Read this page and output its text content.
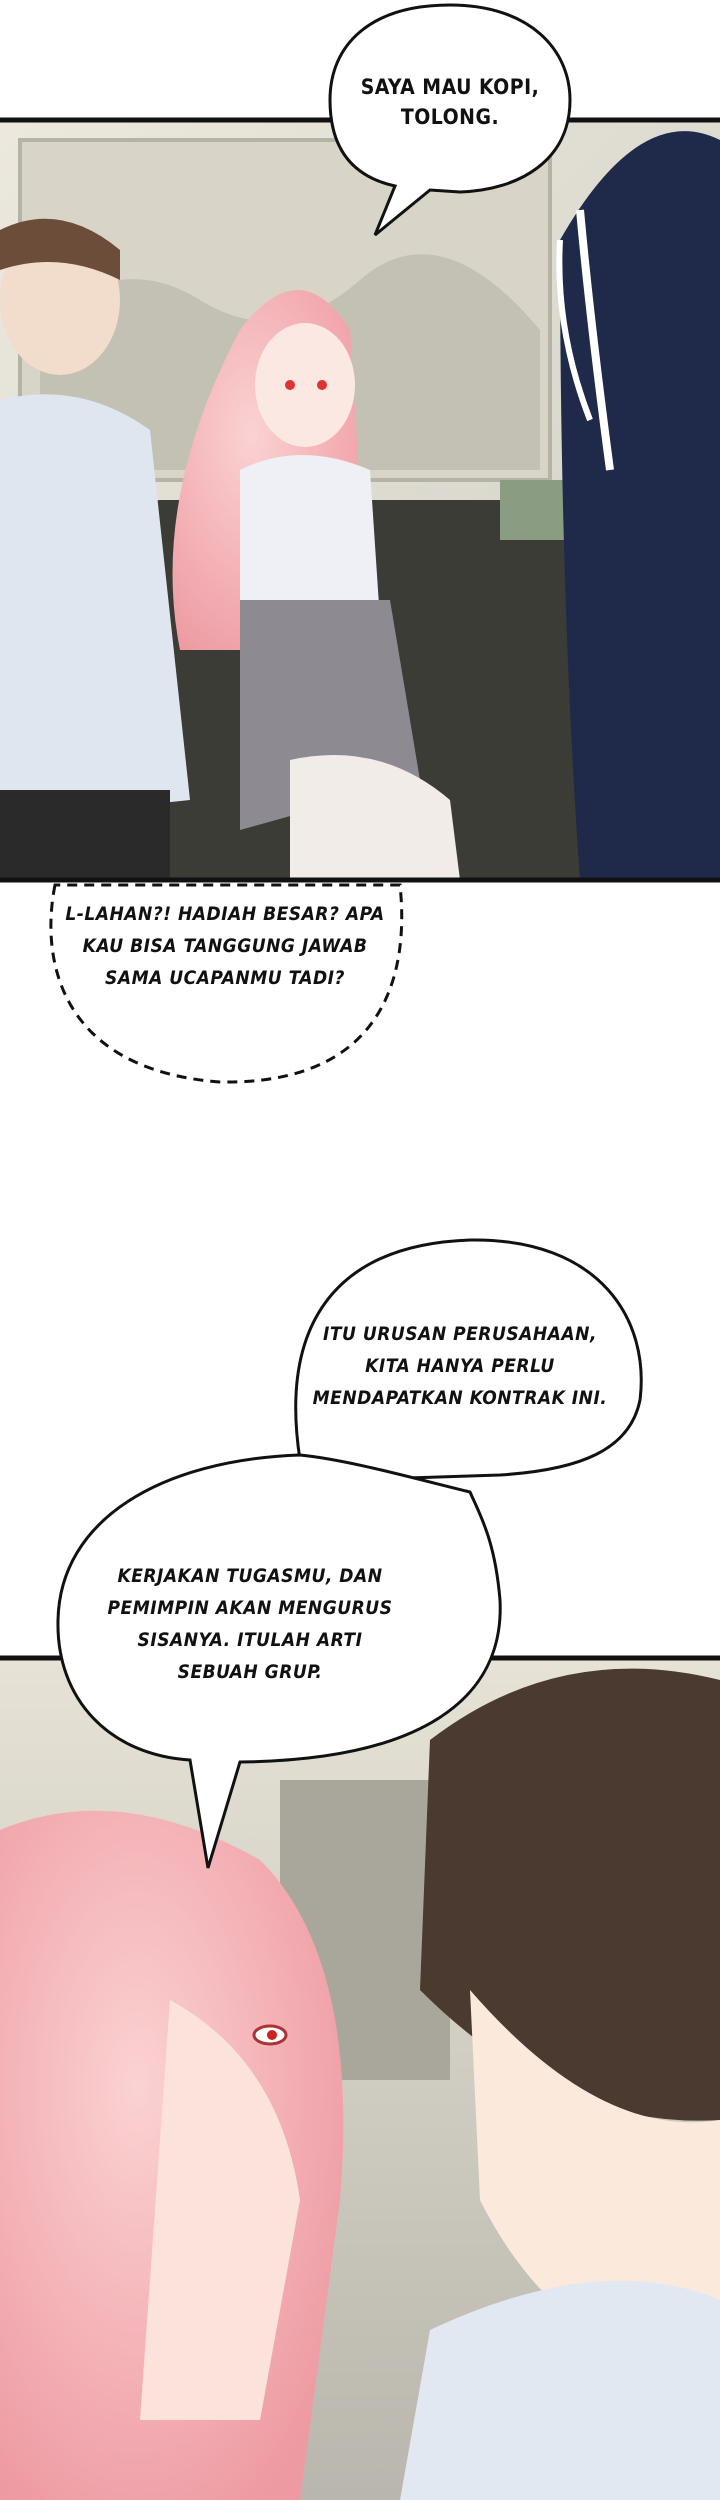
SAYA MAU KOPI,
TOLONG.
L-LAHAN?! HADIAH BESAR? APA
KAU BISA TANGGUNG JAWAB
SAMA UCAPANMU TADI?
ITU URUSAN PERUSAHAAN,
KITA HANYA PERLU
MENDAPATKAN KONTRAK INI.
KERJAKAN TUGASMU, DAN
PEMIMPIN AKAN MENGURUS
SISANYA. ITULAH ARTI
SEBUAH GRUP.
